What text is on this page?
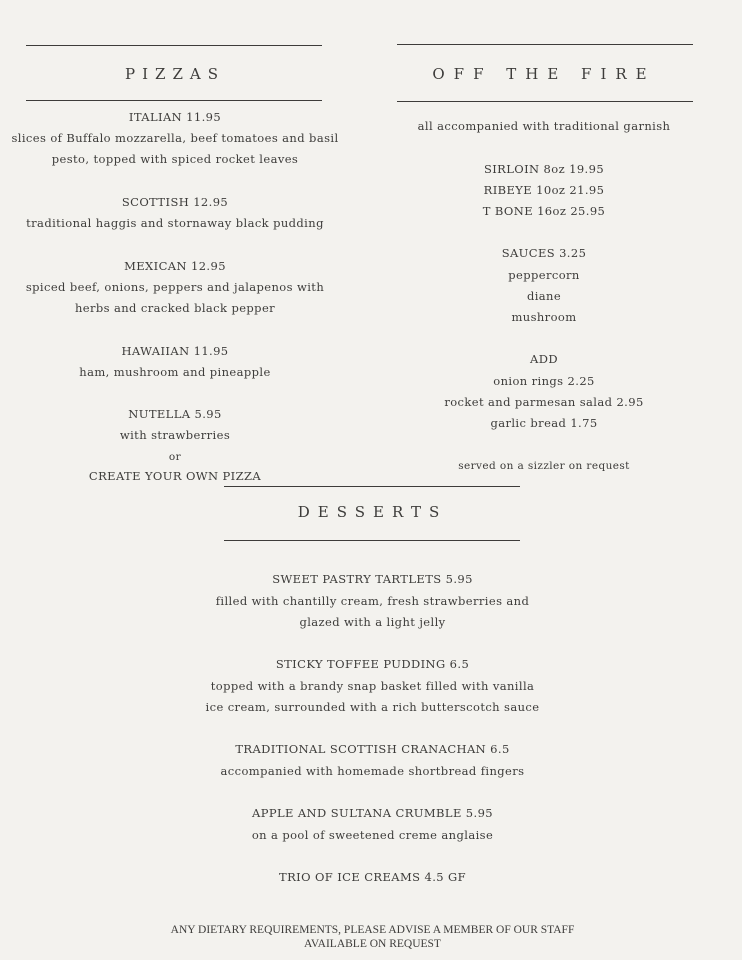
PIZZAS
ITALIAN 11.95
slices of Buffalo mozzarella, beef tomatoes and basil
pesto, topped with spiced rocket leaves
SCOTTISH 12.95
traditional haggis and stornaway black pudding
MEXICAN 12.95
spiced beef, onions, peppers and jalapenos with
herbs and cracked black pepper
HAWAIIAN 11.95
ham, mushroom and pineapple
NUTELLA 5.95
with strawberries
or
CREATE YOUR OWN PIZZA
OFF THE FIRE
all accompanied with traditional garnish
SIRLOIN 8oz 19.95
RIBEYE 10oz 21.95
T BONE 16oz 25.95
SAUCES 3.25
peppercorn
diane
mushroom
ADD
onion rings 2.25
rocket and parmesan salad 2.95
garlic bread 1.75
served on a sizzler on request
DESSERTS
SWEET PASTRY TARTLETS 5.95
filled with chantilly cream, fresh strawberries and
glazed with a light jelly
STICKY TOFFEE PUDDING 6.5
topped with a brandy snap basket filled with vanilla
ice cream, surrounded with a rich butterscotch sauce
TRADITIONAL SCOTTISH CRANACHAN 6.5
accompanied with homemade shortbread fingers
APPLE AND SULTANA CRUMBLE 5.95
on a pool of sweetened creme anglaise
TRIO OF ICE CREAMS 4.5 GF
ANY DIETARY REQUIREMENTS, PLEASE ADVISE A MEMBER OF OUR STAFF
AVAILABLE ON REQUEST
